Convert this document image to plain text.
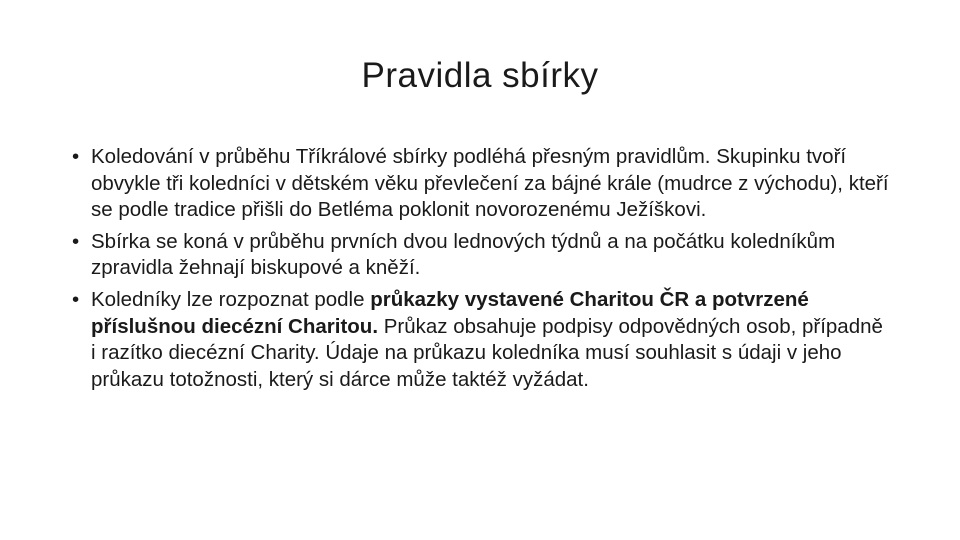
Pravidla sbírky
• Koledování v průběhu Tříkrálové sbírky podléhá přesným pravidlům. Skupinku tvoří obvykle tři koledníci v dětském věku převlečení za bájné krále (mudrce z východu), kteří se podle tradice přišli do Betléma poklonit novorozenému Ježíškovi.
• Sbírka se koná v průběhu prvních dvou lednových týdnů a na počátku koledníkům zpravidla žehnají biskupové a kněží.
• Koledníky lze rozpoznat podle průkazky vystavené Charitou ČR a potvrzené příslušnou diecézní Charitou. Průkaz obsahuje podpisy odpovědných osob, případně i razítko diecézní Charity. Údaje na průkazu koledníka musí souhlasit s údaji v jeho průkazu totožnosti, který si dárce může taktéž vyžádat.
